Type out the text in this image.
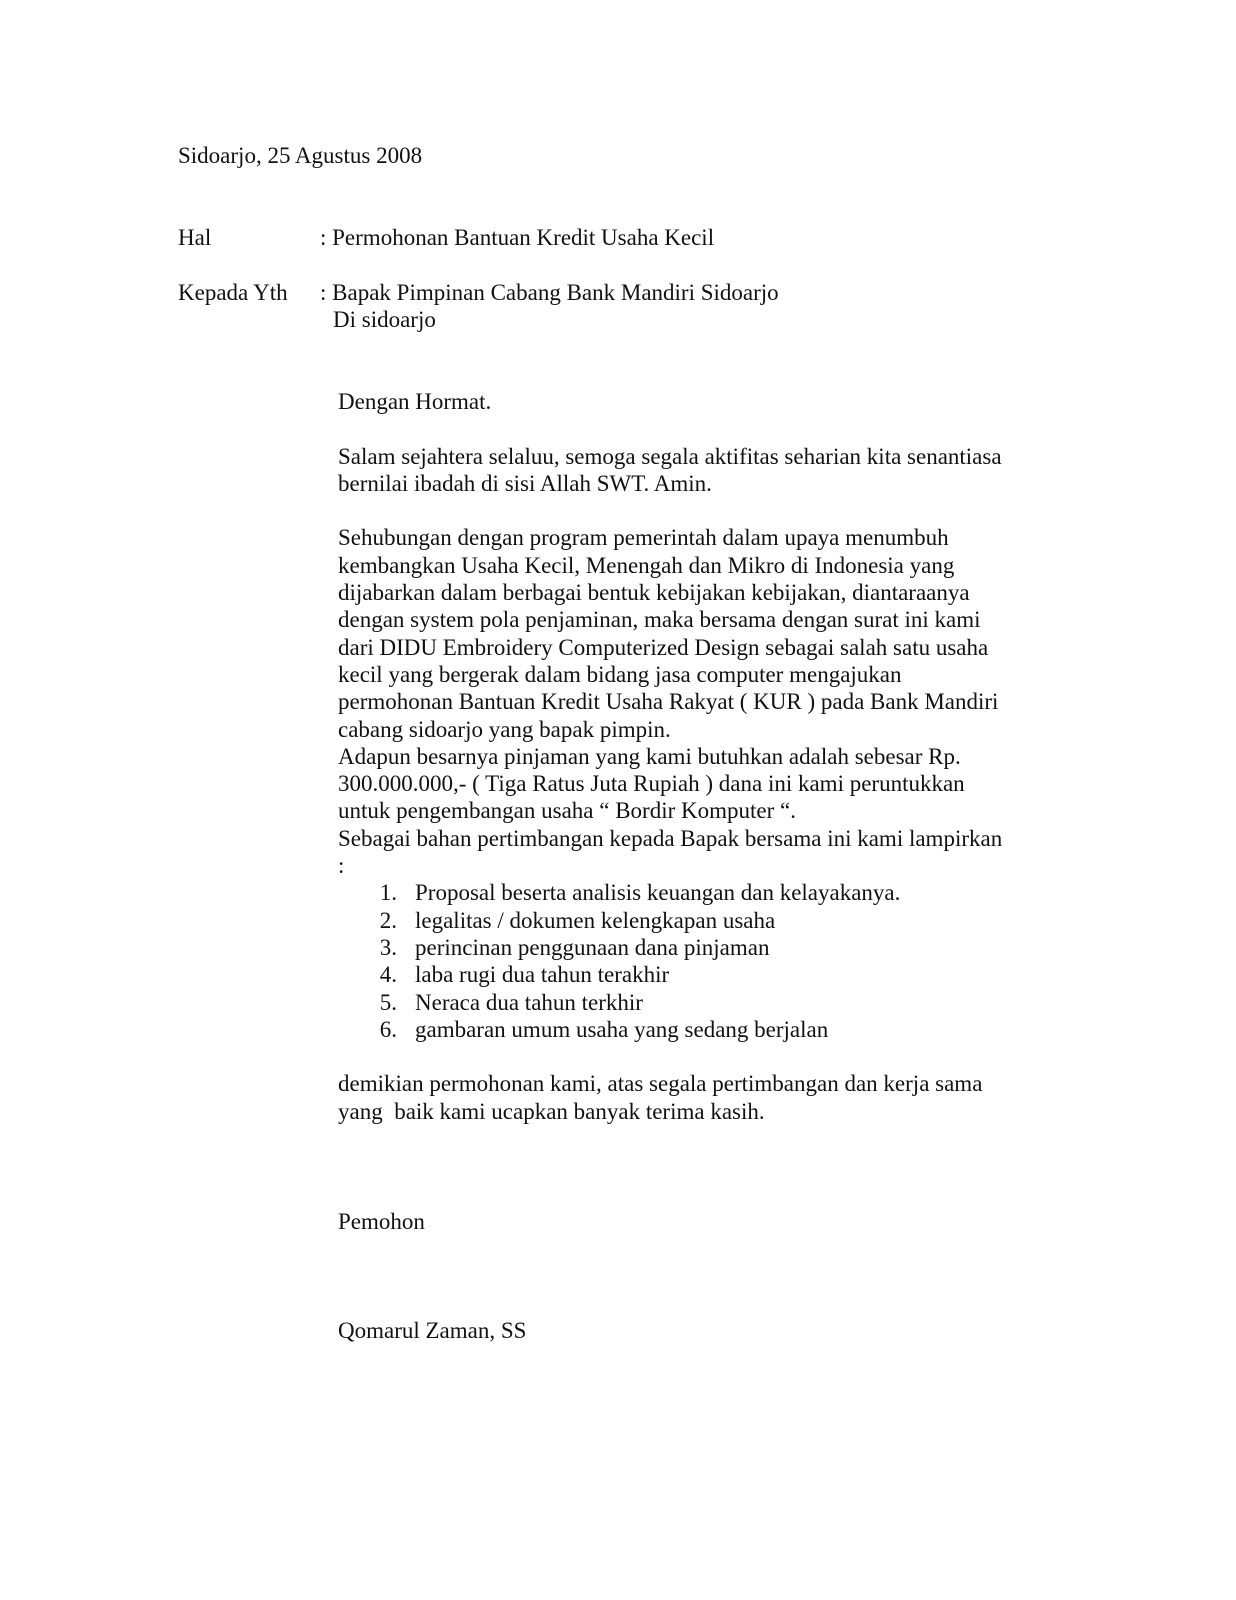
Sidoarjo, 25 Agustus 2008
Hal	: Permohonan Bantuan Kredit Usaha Kecil
Kepada Yth : Bapak Pimpinan Cabang Bank Mandiri Sidoarjo
Di sidoarjo

Dengan Hormat.

Salam sejahtera selaluu, semoga segala aktifitas seharian kita senantiasa

bernilai ibadah di sisi Allah SWT. Amin.

Sehubungan dengan program pemerintah dalam upaya menumbuh

kembangkan Usaha Kecil, Menengah dan Mikro di Indonesia yang

dijabarkan dalam berbagai bentuk kebijakan kebijakan, diantaraanya

dengan system pola penjaminan, maka bersama dengan surat ini kami

dari DIDU Embroidery Computerized Design sebagai salah satu usaha

kecil yang bergerak dalam bidang jasa computer mengajukan

permohonan Bantuan Kredit Usaha Rakyat ( KUR ) pada Bank Mandiri

cabang sidoarjo yang bapak pimpin.

Adapun besarnya pinjaman yang kami butuhkan adalah sebesar Rp.

300.000.000,- ( Tiga Ratus Juta Rupiah ) dana ini kami peruntukkan

untuk pengembangan usaha “ Bordir Komputer “.

Sebagai bahan pertimbangan kepada Bapak bersama ini kami lampirkan

:

1. Proposal beserta analisis keuangan dan kelayakanya.
2. legalitas / dokumen kelengkapan usaha
3. perincinan penggunaan dana pinjaman
4. laba rugi dua tahun terakhir
5. Neraca dua tahun terkhir
6. gambaran umum usaha yang sedang berjalan

demikian permohonan kami, atas segala pertimbangan dan kerja sama

yang  baik kami ucapkan banyak terima kasih.

Pemohon
Qomarul Zaman, SS
